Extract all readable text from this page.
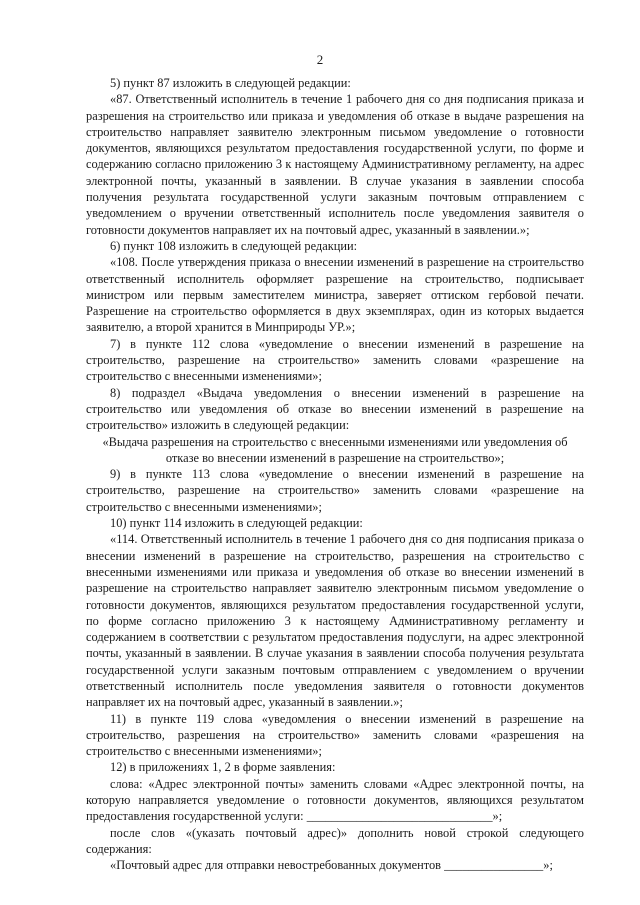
2

5) пункт 87 изложить в следующей редакции:

«87. Ответственный исполнитель в течение 1 рабочего дня со дня подписания приказа и разрешения на строительство или приказа и уведомления об отказе в выдаче разрешения на строительство направляет заявителю электронным письмом уведомление о готовности документов, являющихся результатом предоставления государственной услуги, по форме и содержанию согласно приложению 3 к настоящему Административному регламенту, на адрес электронной почты, указанный в заявлении. В случае указания в заявлении способа получения результата государственной услуги заказным почтовым отправлением с уведомлением о вручении ответственный исполнитель после уведомления заявителя о готовности документов направляет их на почтовый адрес, указанный в заявлении.»;

6) пункт 108 изложить в следующей редакции:

«108. После утверждения приказа о внесении изменений в разрешение на строительство ответственный исполнитель оформляет разрешение на строительство, подписывает министром или первым заместителем министра, заверяет оттиском гербовой печати. Разрешение на строительство оформляется в двух экземплярах, один из которых выдается заявителю, а второй хранится в Минприроды УР.»;

7) в пункте 112 слова «уведомление о внесении изменений в разрешение на строительство, разрешение на строительство» заменить словами «разрешение на строительство с внесенными изменениями»;

8) подраздел «Выдача уведомления о внесении изменений в разрешение на строительство или уведомления об отказе во внесении изменений в разрешение на строительство» изложить в следующей редакции:

«Выдача разрешения на строительство с внесенными изменениями или уведомления об отказе во внесении изменений в разрешение на строительство»;

9) в пункте 113 слова «уведомление о внесении изменений в разрешение на строительство, разрешение на строительство» заменить словами «разрешение на строительство с внесенными изменениями»;

10) пункт 114 изложить в следующей редакции:

«114. Ответственный исполнитель в течение 1 рабочего дня со дня подписания приказа о внесении изменений в разрешение на строительство, разрешения на строительство с внесенными изменениями или приказа и уведомления об отказе во внесении изменений в разрешение на строительство направляет заявителю электронным письмом уведомление о готовности документов, являющихся результатом предоставления государственной услуги, по форме согласно приложению 3 к настоящему Административному регламенту и содержанием в соответствии с результатом предоставления подуслуги, на адрес электронной почты, указанный в заявлении. В случае указания в заявлении способа получения результата государственной услуги заказным почтовым отправлением с уведомлением о вручении ответственный исполнитель после уведомления заявителя о готовности документов направляет их на почтовый адрес, указанный в заявлении.»;

11) в пункте 119 слова «уведомления о внесении изменений в разрешение на строительство, разрешения на строительство» заменить словами «разрешения на строительство с внесенными изменениями»;

12) в приложениях 1, 2 в форме заявления:

слова: «Адрес электронной почты» заменить словами «Адрес электронной почты, на которую направляется уведомление о готовности документов, являющихся результатом предоставления государственной услуги: ______________________________»;

после слов «(указать почтовый адрес)» дополнить новой строкой следующего содержания:

«Почтовый адрес для отправки невостребованных документов ________________»;
